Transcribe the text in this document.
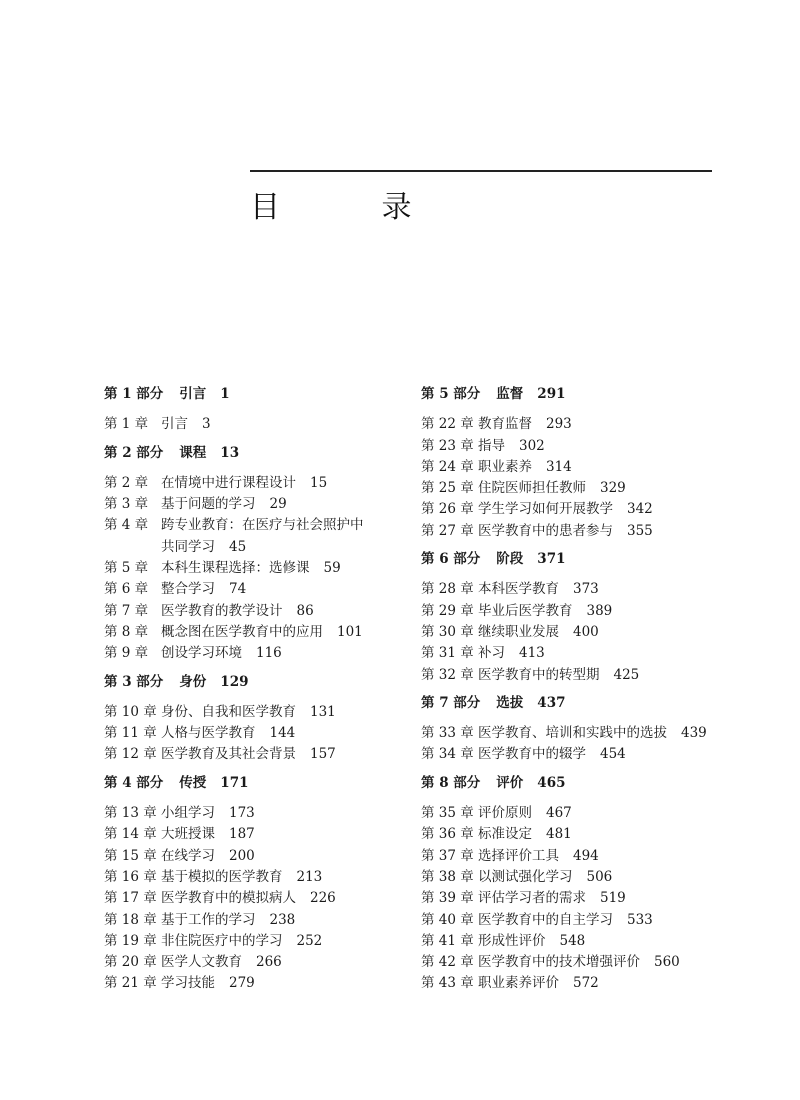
目 录
第 1 部分 引言 1
第 1 章 引言 3
第 2 部分 课程 13
第 2 章 在情境中进行课程设计 15
第 3 章 基于问题的学习 29
第 4 章 跨专业教育：在医疗与社会照护中
共同学习 45
第 5 章 本科生课程选择：选修课 59
第 6 章 整合学习 74
第 7 章 医学教育的教学设计 86
第 8 章 概念图在医学教育中的应用 101
第 9 章 创设学习环境 116
第 3 部分 身份 129
第 10 章 身份、自我和医学教育 131
第 11 章 人格与医学教育 144
第 12 章 医学教育及其社会背景 157
第 4 部分 传授 171
第 13 章 小组学习 173
第 14 章 大班授课 187
第 15 章 在线学习 200
第 16 章 基于模拟的医学教育 213
第 17 章 医学教育中的模拟病人 226
第 18 章 基于工作的学习 238
第 19 章 非住院医疗中的学习 252
第 20 章 医学人文教育 266
第 21 章 学习技能 279
第 5 部分 监督 291
第 22 章 教育监督 293
第 23 章 指导 302
第 24 章 职业素养 314
第 25 章 住院医师担任教师 329
第 26 章 学生学习如何开展教学 342
第 27 章 医学教育中的患者参与 355
第 6 部分 阶段 371
第 28 章 本科医学教育 373
第 29 章 毕业后医学教育 389
第 30 章 继续职业发展 400
第 31 章 补习 413
第 32 章 医学教育中的转型期 425
第 7 部分 选拔 437
第 33 章 医学教育、培训和实践中的选拔 439
第 34 章 医学教育中的辍学 454
第 8 部分 评价 465
第 35 章 评价原则 467
第 36 章 标准设定 481
第 37 章 选择评价工具 494
第 38 章 以测试强化学习 506
第 39 章 评估学习者的需求 519
第 40 章 医学教育中的自主学习 533
第 41 章 形成性评价 548
第 42 章 医学教育中的技术增强评价 560
第 43 章 职业素养评价 572
